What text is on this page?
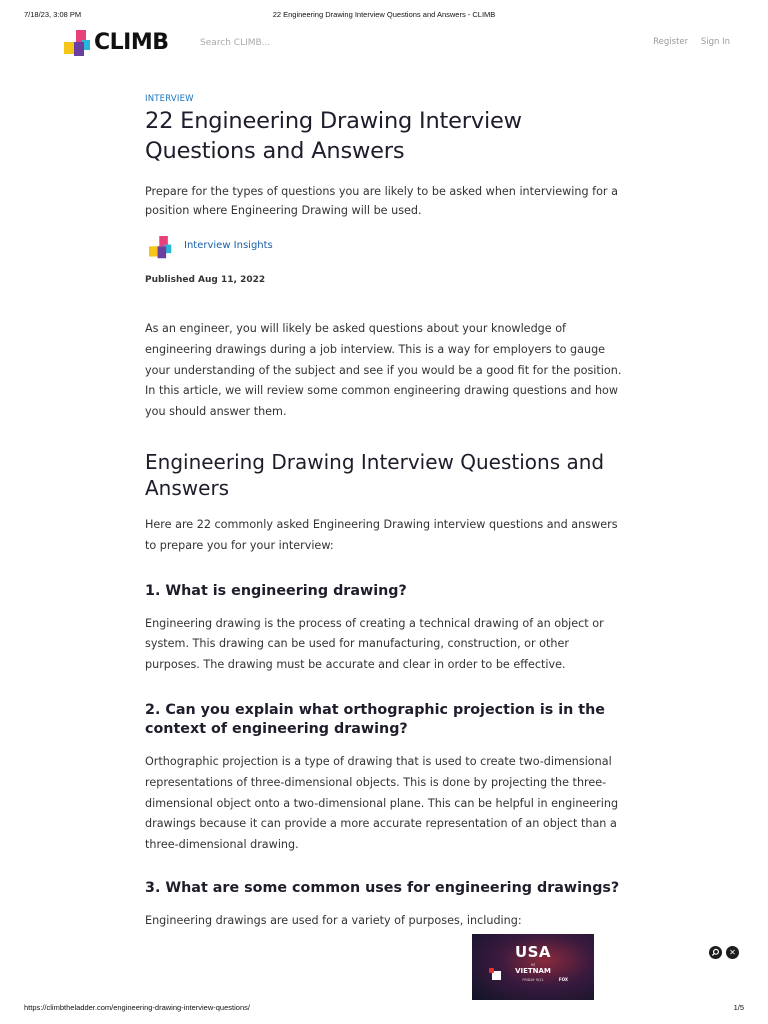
7/18/23, 3:08 PM	22 Engineering Drawing Interview Questions and Answers - CLIMB
CLIMB
Search CLIMB...	Register Sign In
INTERVIEW
22 Engineering Drawing Interview Questions and Answers

Prepare for the types of questions you are likely to be asked when interviewing for a position where Engineering Drawing will be used.

Interview Insights

Published Aug 11, 2022

As an engineer, you will likely be asked questions about your knowledge of engineering drawings during a job interview. This is a way for employers to gauge your understanding of the subject and see if you would be a good fit for the position. In this article, we will review some common engineering drawing questions and how you should answer them.

Engineering Drawing Interview Questions and Answers

Here are 22 commonly asked Engineering Drawing interview questions and answers to prepare you for your interview:

1. What is engineering drawing?

Engineering drawing is the process of creating a technical drawing of an object or system. This drawing can be used for manufacturing, construction, or other purposes. The drawing must be accurate and clear in order to be effective.

2. Can you explain what orthographic projection is in the context of engineering drawing?

Orthographic projection is a type of drawing that is used to create two-dimensional representations of three-dimensional objects. This is done by projecting the three-dimensional object onto a two-dimensional plane. This can be helpful in engineering drawings because it can provide a more accurate representation of an object than a three-dimensional drawing.

3. What are some common uses for engineering drawings?

Engineering drawings are used for a variety of purposes, including:

USA
vs
VIETNAM
FRIDAY 9/21	FOX
✕
https://climbtheladder.com/engineering-drawing-interview-questions/	1/5
